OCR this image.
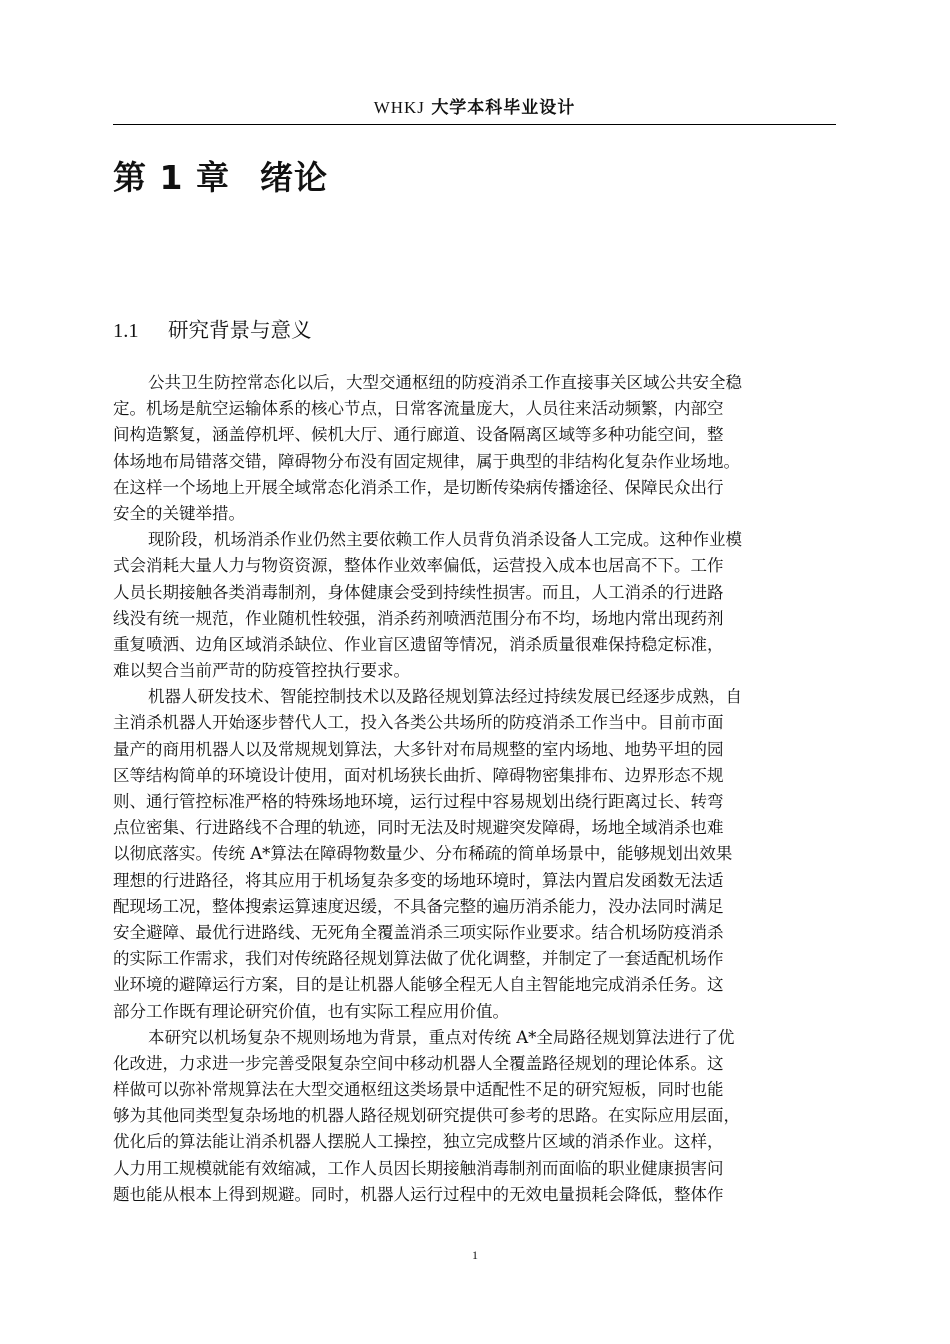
WHKJ 大学本科毕业设计
第 1 章 绪论
1.1 研究背景与意义
公共卫生防控常态化以后，大型交通枢纽的防疫消杀工作直接事关区域公共安全稳
定。机场是航空运输体系的核心节点，日常客流量庞大，人员往来活动频繁，内部空
间构造繁复，涵盖停机坪、候机大厅、通行廊道、设备隔离区域等多种功能空间，整
体场地布局错落交错，障碍物分布没有固定规律，属于典型的非结构化复杂作业场地。
在这样一个场地上开展全域常态化消杀工作，是切断传染病传播途径、保障民众出行
安全的关键举措。
现阶段，机场消杀作业仍然主要依赖工作人员背负消杀设备人工完成。这种作业模
式会消耗大量人力与物资资源，整体作业效率偏低，运营投入成本也居高不下。工作
人员长期接触各类消毒制剂，身体健康会受到持续性损害。而且，人工消杀的行进路
线没有统一规范，作业随机性较强，消杀药剂喷洒范围分布不均，场地内常出现药剂
重复喷洒、边角区域消杀缺位、作业盲区遗留等情况，消杀质量很难保持稳定标准，
难以契合当前严苛的防疫管控执行要求。
机器人研发技术、智能控制技术以及路径规划算法经过持续发展已经逐步成熟，自
主消杀机器人开始逐步替代人工，投入各类公共场所的防疫消杀工作当中。目前市面
量产的商用机器人以及常规规划算法，大多针对布局规整的室内场地、地势平坦的园
区等结构简单的环境设计使用，面对机场狭长曲折、障碍物密集排布、边界形态不规
则、通行管控标准严格的特殊场地环境，运行过程中容易规划出绕行距离过长、转弯
点位密集、行进路线不合理的轨迹，同时无法及时规避突发障碍，场地全域消杀也难
以彻底落实。传统 A*算法在障碍物数量少、分布稀疏的简单场景中，能够规划出效果
理想的行进路径，将其应用于机场复杂多变的场地环境时，算法内置启发函数无法适
配现场工况，整体搜索运算速度迟缓，不具备完整的遍历消杀能力，没办法同时满足
安全避障、最优行进路线、无死角全覆盖消杀三项实际作业要求。结合机场防疫消杀
的实际工作需求，我们对传统路径规划算法做了优化调整，并制定了一套适配机场作
业环境的避障运行方案，目的是让机器人能够全程无人自主智能地完成消杀任务。这
部分工作既有理论研究价值，也有实际工程应用价值。
本研究以机场复杂不规则场地为背景，重点对传统 A*全局路径规划算法进行了优
化改进，力求进一步完善受限复杂空间中移动机器人全覆盖路径规划的理论体系。这
样做可以弥补常规算法在大型交通枢纽这类场景中适配性不足的研究短板，同时也能
够为其他同类型复杂场地的机器人路径规划研究提供可参考的思路。在实际应用层面，
优化后的算法能让消杀机器人摆脱人工操控，独立完成整片区域的消杀作业。这样，
人力用工规模就能有效缩减，工作人员因长期接触消毒制剂而面临的职业健康损害问
题也能从根本上得到规避。同时，机器人运行过程中的无效电量损耗会降低，整体作
1
